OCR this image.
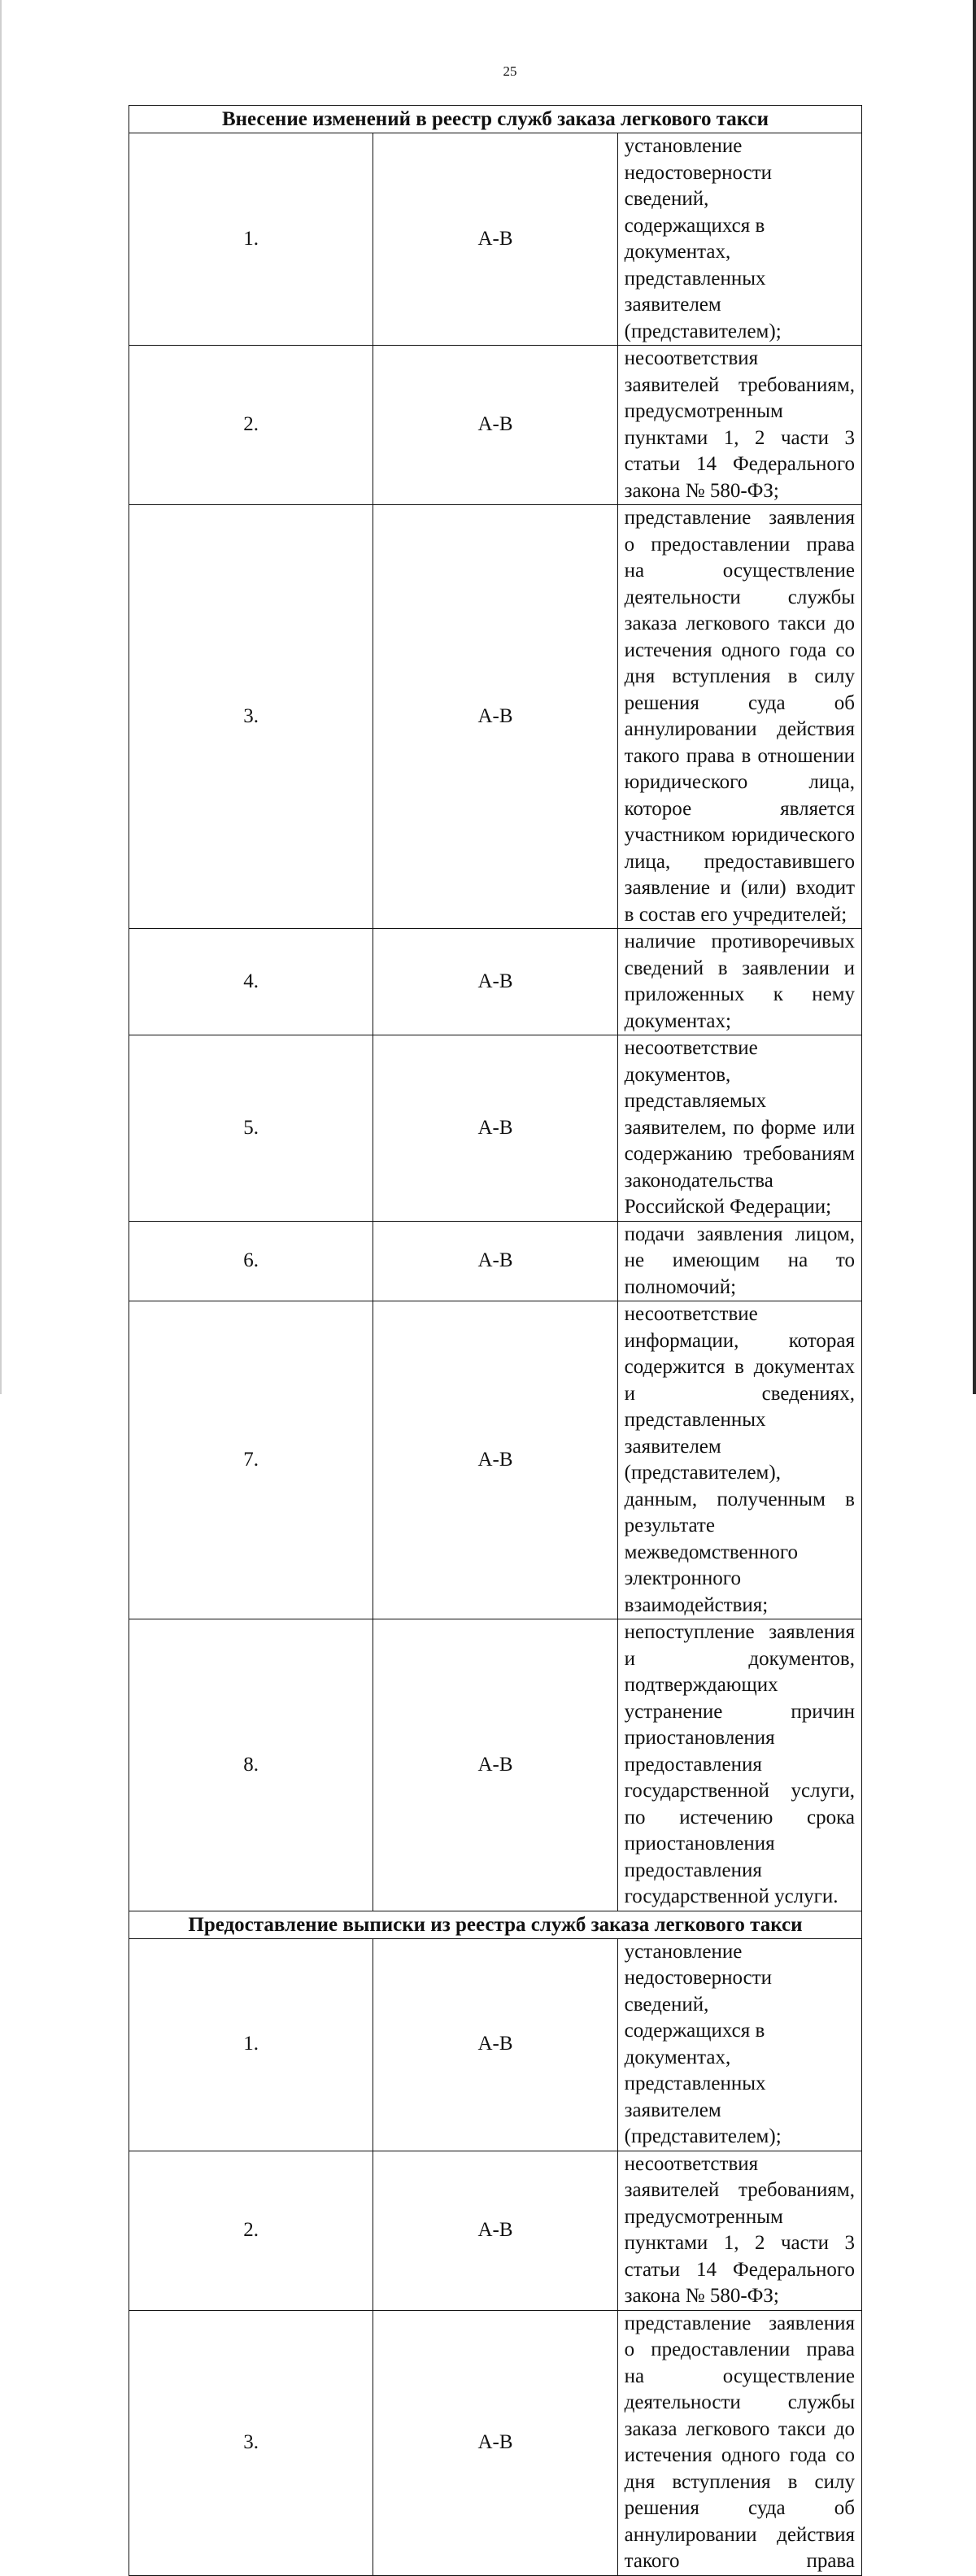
25
Внесение изменений в реестр служб заказа легкового такси		
1.	А-В	установление недостоверности сведений, содержащихся в документах, представленных заявителем (представителем);

2.	А-В	несоответствия заявителей требованиям, предусмотренным пунктами 1, 2 части 3 статьи 14 Федерального закона № 580-ФЗ;

3.	А-В	представление заявления о предоставлении права на осуществление деятельности службы заказа легкового такси до истечения одного года со дня вступления в силу решения суда об аннулировании действия такого права в отношении юридического лица, которое является участником юридического лица, предоставившего заявление и (или) входит в состав его учредителей;

4.	А-В	наличие противоречивых сведений в заявлении и приложенных к нему документах;

5.	А-В	несоответствие документов, представляемых заявителем, по форме или содержанию требованиям законодательства Российской Федерации;

6.	А-В	подачи заявления лицом, не имеющим на то полномочий;

7.	А-В	несоответствие информации, которая содержится в документах и сведениях, представленных заявителем (представителем), данным, полученным в результате межведомственного электронного взаимодействия;

8.	А-В	непоступление заявления и документов, подтверждающих устранение причин приостановления предоставления государственной услуги, по истечению срока приостановления предоставления государственной услуги.

Предоставление выписки из реестра служб заказа легкового такси		
1.	А-В	установление недостоверности сведений, содержащихся в документах, представленных заявителем (представителем);

2.	А-В	несоответствия заявителей требованиям, предусмотренным пунктами 1, 2 части 3 статьи 14 Федерального закона № 580-ФЗ;

3.	А-В	представление заявления о предоставлении права на осуществление деятельности службы заказа легкового такси до истечения одного года со дня вступления в силу решения суда об аннулировании действия такого права
